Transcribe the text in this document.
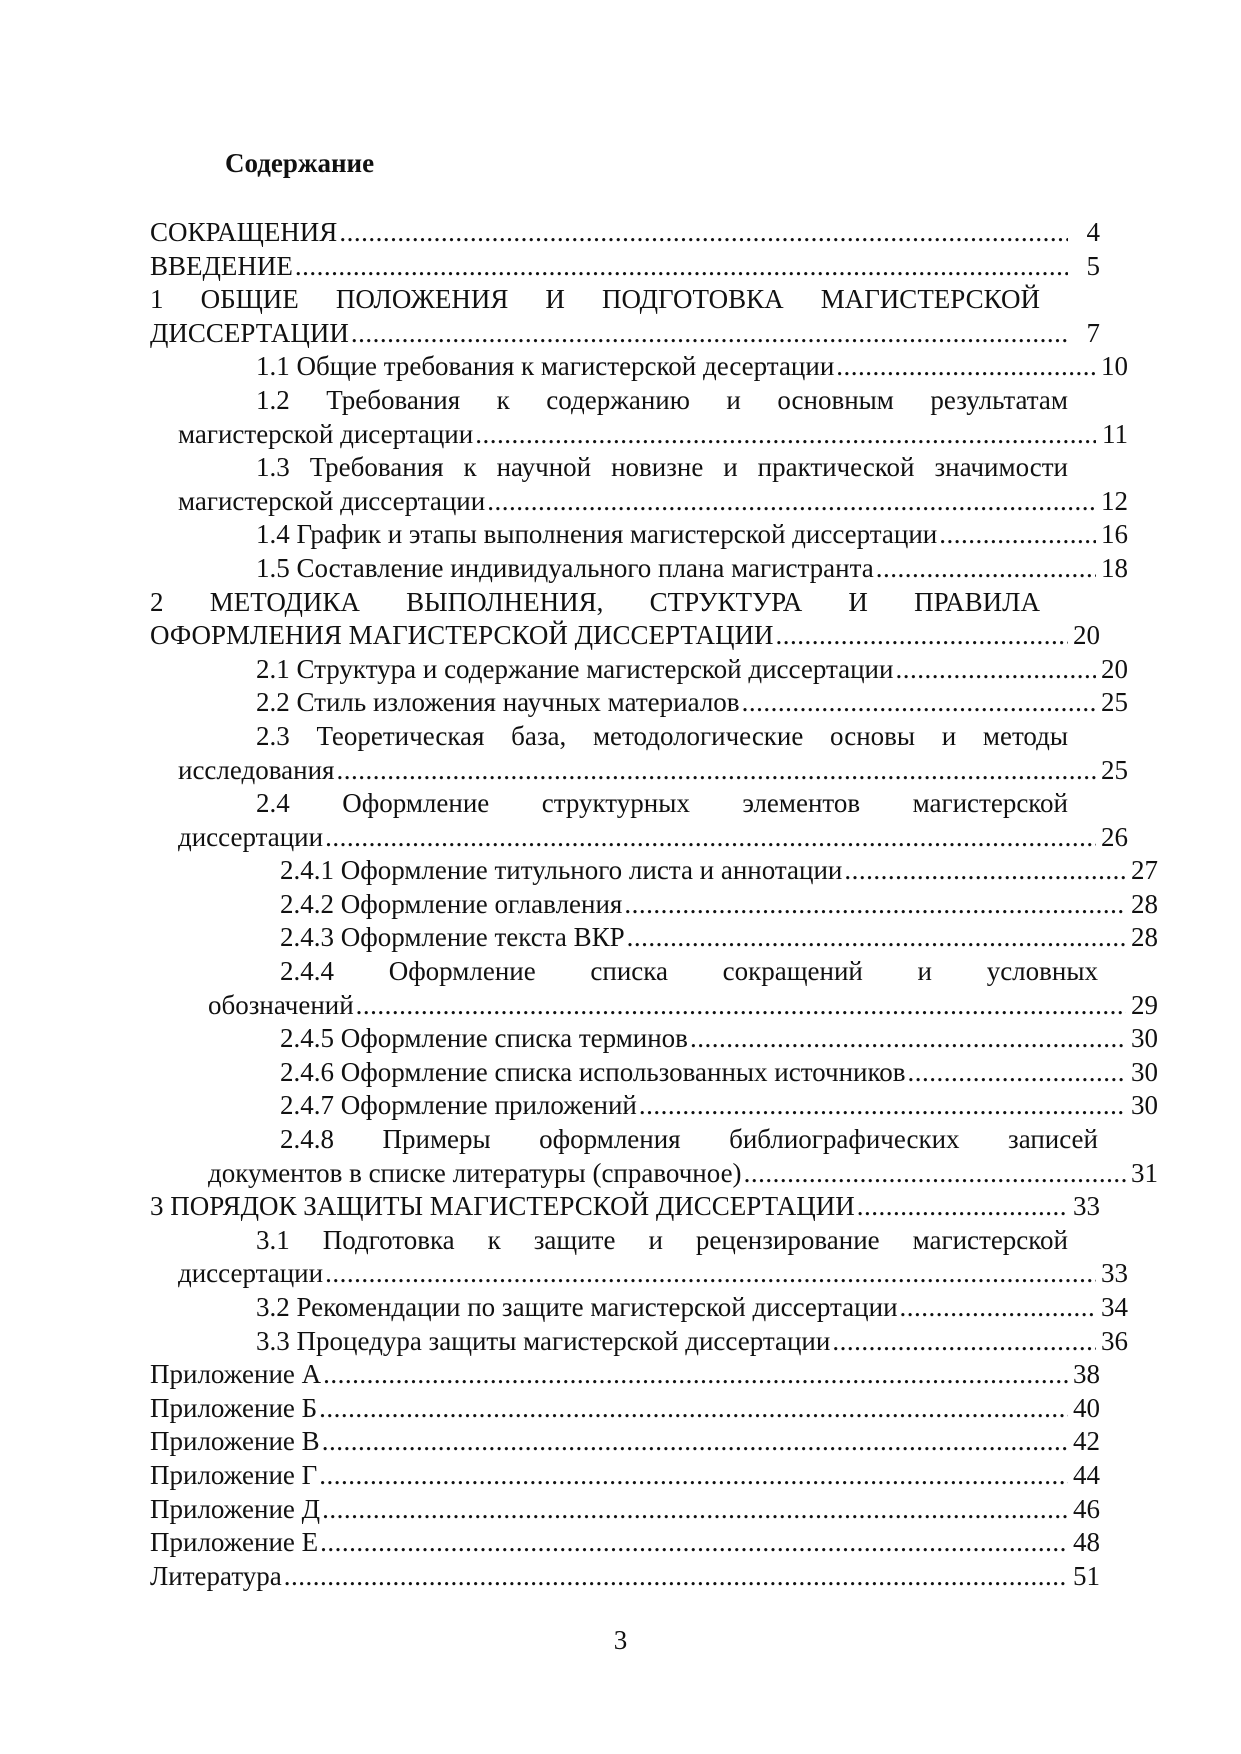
Содержание
СОКРАЩЕНИЯ .....	4
ВВЕДЕНИЕ .....	5
1 ОБЩИЕ ПОЛОЖЕНИЯ И ПОДГОТОВКА МАГИСТЕРСКОЙ
ДИССЕРТАЦИИ .....	7
1.1 Общие требования к магистерской десертации .....	10
1.2 Требования к содержанию и основным результатам
магистерской дисертации .....	11
1.3 Требования к научной новизне и практической значимости
магистерской диссертации .....	12
1.4 График и этапы выполнения магистерской диссертации .....	16
1.5 Составление индивидуального плана магистранта .....	18
2 МЕТОДИКА ВЫПОЛНЕНИЯ, СТРУКТУРА И ПРАВИЛА
ОФОРМЛЕНИЯ МАГИСТЕРСКОЙ ДИССЕРТАЦИИ .....	20
2.1 Структура и содержание магистерской диссертации .....	20
2.2 Стиль изложения научных материалов .....	25
2.3 Теоретическая база, методологические основы и методы
исследования .....	25
2.4 Оформление структурных элементов магистерской
диссертации .....	26
2.4.1 Оформление титульного листа и аннотации .....	27
2.4.2 Оформление оглавления .....	28
2.4.3 Оформление текста ВКР .....	28
2.4.4 Оформление списка сокращений и условных
обозначений .....	29
2.4.5 Оформление списка терминов .....	30
2.4.6 Оформление списка использованных источников .....	30
2.4.7 Оформление приложений .....	30
2.4.8 Примеры оформления библиографических записей
документов в списке литературы (справочное) .....	31
3 ПОРЯДОК ЗАЩИТЫ МАГИСТЕРСКОЙ ДИССЕРТАЦИИ .....	33
3.1 Подготовка к защите и рецензирование магистерской
диссертации .....	33
3.2 Рекомендации по защите магистерской диссертации .....	34
3.3 Процедура защиты магистерской диссертации .....	36
Приложение А .....	38
Приложение Б .....	40
Приложение В .....	42
Приложение Г .....	44
Приложение Д .....	46
Приложение Е .....	48
Литература .....	51
3
